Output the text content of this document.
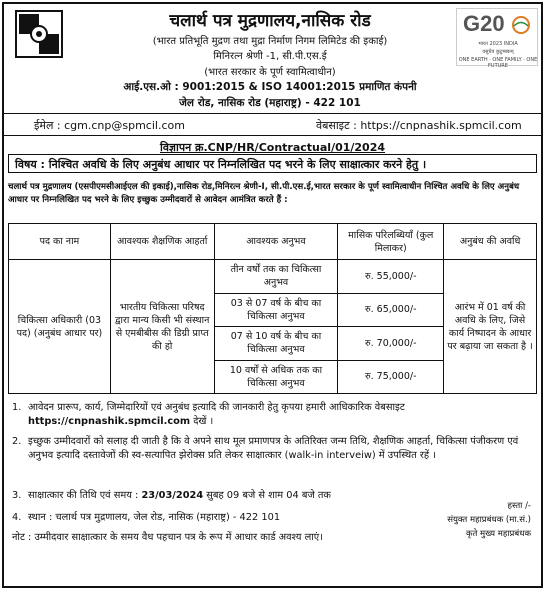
चलार्थ पत्र मुद्रणालय,नासिक रोड
(भारत प्रतिभूति मुद्रण तथा मुद्रा निर्माण निगम लिमिटेड की इकाई)
मिनिरत्न श्रेणी -1, सी.पी.एस.ई
(भारत सरकार के पूर्ण स्वामित्वाधीन)
आई.एस.ओ : 9001:2015 & ISO 14001:2015 प्रमाणित कंपनी
जेल रोड, नासिक रोड (महाराष्ट्र) - 422 101
G20
भारत 2023 INDIA
वसुधैव कुटुम्बकम्
ONE EARTH · ONE FAMILY · ONE FUTURE
ईमेल : cgm.cnp@spmcil.com	वेबसाइट : https://cnpnashik.spmcil.com
विज्ञापन क्र.CNP/HR/Contractual/01/2024
विषय : निश्चित अवधि के लिए अनुबंध आधार पर निम्नलिखित पद भरने के लिए साक्षात्कार करने हेतु ।
चलार्थ पत्र मुद्रणालय (एसपीएमसीआईएल की इकाई),नासिक रोड,मिनिरत्न श्रेणी-I, सी.पी.एस.ई,भारत सरकार के पूर्ण स्वामित्वाधीन निश्चित अवधि के लिए अनुबंध आधार पर निम्नलिखित पद भरने के लिए इच्छुक उम्मीदवारों से आवेदन आमंत्रित करते हैं :
पद का नाम	आवश्यक शैक्षणिक आहर्ता	आवश्यक अनुभव	मासिक परिलब्धियाँ (कुल मिलाकर)	अनुबंध की अवधि
चिकित्सा अधिकारी (03 पद) (अनुबंध आधार पर)	भारतीय चिकित्सा परिषद द्वारा मान्य किसी भी संस्थान से एमबीबीस की डिग्री प्राप्त की हो	तीन वर्षों तक का चिकित्सा अनुभव	रु. 55,000/-	आरंभ में 01 वर्ष की अवधि के लिए, जिसे कार्य निष्पादन के आधार पर बढ़ाया जा सकता है ।
		03 से 07 वर्ष के बीच का चिकित्सा अनुभव	रु. 65,000/-	
		07 से 10 वर्ष के बीच का चिकित्सा अनुभव	रु. 70,000/-	
		10 वर्षों से अधिक तक का चिकित्सा अनुभव	रु. 75,000/-	
1. आवेदन प्रारूप, कार्य, जिम्मेदारियों एवं अनुबंध इत्यादि की जानकारी हेतु कृपया हमारी आधिकारिक वेबसाइट
https://cnpnashik.spmcil.com देखें ।
2. इच्छुक उम्मीदवारों को सलाह दी जाती है कि वे अपने साथ मूल प्रमाणपत्र के अतिरिक्त जन्म तिथि, शैक्षणिक आहर्ता, चिकित्सा पंजीकरण एवं अनुभव इत्यादि दस्तावेजों की स्व-सत्यापित झेरोक्स प्रति लेकर साक्षात्कार (walk-in interveiw) में उपस्थित रहें ।
3. साक्षात्कार की तिथि एवं समय : 23/03/2024 सुबह 09 बजे से शाम 04 बजे तक
4. स्थान : चलार्थ पत्र मुद्रणालय, जेल रोड, नासिक (महाराष्ट्र) - 422 101
नोट : उम्मीदवार साक्षात्कार के समय वैध पहचान पत्र के रूप में आधार कार्ड अवश्य लाएं।
हस्ता /-
संयुक्त महाप्रबंधक (मा.सं.)
कृते मुख्य महाप्रबंधक
